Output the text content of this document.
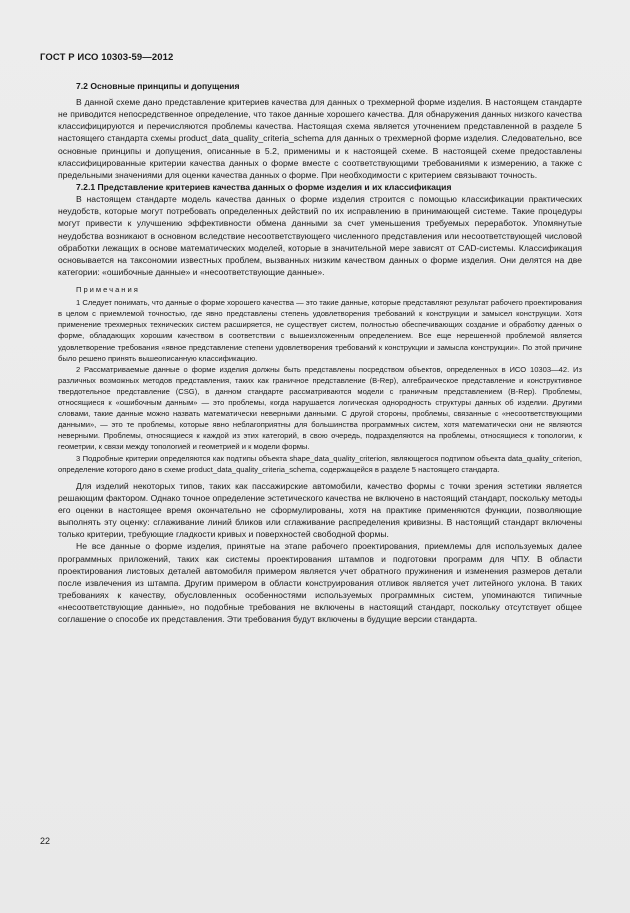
ГОСТ Р ИСО 10303-59—2012
7.2 Основные принципы и допущения

В данной схеме дано представление критериев качества для данных о трехмерной форме изделия. В настоящем стандарте не приводится непосредственное определение, что такое данные хорошего качества. Для обнаружения данных низкого качества классифицируются и перечисляются проблемы качества. Настоящая схема является уточнением представленной в разделе 5 настоящего стандарта схемы product_data_quality_criteria_schema для данных о трехмерной форме изделия. Следовательно, все основные принципы и допущения, описанные в 5.2, применимы и к настоящей схеме. В настоящей схеме предоставлены классифицированные критерии качества данных о форме вместе с соответствующими требованиями к измерению, а также с предельными значениями для оценки качества данных о форме. При необходимости с критерием связывают точность.

7.2.1 Представление критериев качества данных о форме изделия и их классификация

В настоящем стандарте модель качества данных о форме изделия строится с помощью классификации практических неудобств, которые могут потребовать определенных действий по их исправлению в принимающей системе. Такие процедуры могут привести к улучшению эффективности обмена данными за счет уменьшения требуемых переработок. Упомянутые неудобства возникают в основном вследствие несоответствующего численного представления или несоответствующей числовой обработки лежащих в основе математических моделей, которые в значительной мере зависят от CAD-системы. Классификация основывается на таксономии известных проблем, вызванных низким качеством данных о форме изделия. Они делятся на две категории: «ошибочные данные» и «несоответствующие данные».

Примечания

1 Следует понимать, что данные о форме хорошего качества — это такие данные, которые представляют результат рабочего проектирования в целом с приемлемой точностью, где явно представлены степень удовлетворения требований к конструкции и замысел конструкции. Хотя применение трехмерных технических систем расширяется, не существует систем, полностью обеспечивающих создание и обработку данных о форме, обладающих хорошим качеством в соответствии с вышеизложенным определением. Все еще нерешенной проблемой является удовлетворение требования «явное представление степени удовлетворения требований к конструкции и замысла конструкции». По этой причине было решено принять вышеописанную классификацию.

2 Рассматриваемые данные о форме изделия должны быть представлены посредством объектов, определенных в ИСО 10303—42. Из различных возможных методов представления, таких как граничное представление (B-Rep), алгебраическое представление и конструктивное твердотельное представление (CSG), в данном стандарте рассматриваются модели с граничным представлением (B-Rep). Проблемы, относящиеся к «ошибочным данным» — это проблемы, когда нарушается логическая однородность структуры данных об изделии. Другими словами, такие данные можно назвать математически неверными данными. С другой стороны, проблемы, связанные с «несоответствующими данными», — это те проблемы, которые явно неблагоприятны для большинства программных систем, хотя математически они не являются неверными. Проблемы, относящиеся к каждой из этих категорий, в свою очередь, подразделяются на проблемы, относящиеся к топологии, к геометрии, к связи между топологией и геометрией и к модели формы.

3 Подробные критерии определяются как подтипы объекта shape_data_quality_criterion, являющегося подтипом объекта data_quality_criterion, определение которого дано в схеме product_data_quality_criteria_schema, содержащейся в разделе 5 настоящего стандарта.

Для изделий некоторых типов, таких как пассажирские автомобили, качество формы с точки зрения эстетики является решающим фактором. Однако точное определение эстетического качества не включено в настоящий стандарт, поскольку методы его оценки в настоящее время окончательно не сформулированы, хотя на практике применяются функции, позволяющие выполнять эту оценку: сглаживание линий бликов или сглаживание распределения кривизны. В настоящий стандарт включены только критерии, требующие гладкости кривых и поверхностей свободной формы.

Не все данные о форме изделия, принятые на этапе рабочего проектирования, приемлемы для используемых далее программных приложений, таких как системы проектирования штампов и подготовки программ для ЧПУ. В области проектирования листовых деталей автомобиля примером является учет обратного пружинения и изменения размеров детали после извлечения из штампа. Другим примером в области конструирования отливок является учет литейного уклона. В таких требованиях к качеству, обусловленных особенностями используемых программных систем, упоминаются типичные «несоответствующие данные», но подобные требования не включены в настоящий стандарт, поскольку отсутствует общее соглашение о способе их представления. Эти требования будут включены в будущие версии стандарта.

22
